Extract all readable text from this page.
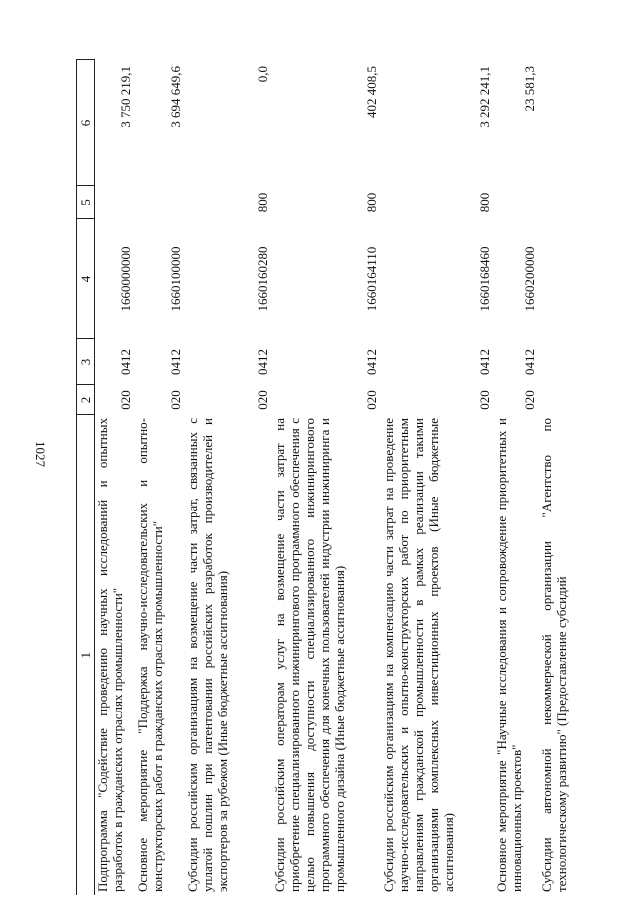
1027
1	2	3	4	5	6
Подпрограмма "Содействие проведению научных исследований и опытных разработок в гражданских отраслях промышленности"	020	0412	1660000000		3 750 219,1
Основное мероприятие "Поддержка научно-исследовательских и опытно-конструкторских работ в гражданских отраслях промышленности"	020	0412	1660100000		3 694 649,6
Субсидии российским организациям на возмещение части затрат, связанных с уплатой пошлин при патентовании российских разработок производителей и экспортеров за рубежом (Иные бюджетные ассигнования)	020	0412	1660160280	800	0,0
Субсидии российским операторам услуг на возмещение части затрат на приобретение специализированного инжинирингового программного обеспечения с целью повышения доступности специализированного инжинирингового программного обеспечения для конечных пользователей индустрии инжиниринга и промышленного дизайна (Иные бюджетные ассигнования)	020	0412	1660164110	800	402 408,5
Субсидии российским организациям на компенсацию части затрат на проведение научно-исследовательских и опытно-конструкторских работ по приоритетным направлениям гражданской промышленности в рамках реализации такими организациями комплексных инвестиционных проектов (Иные бюджетные ассигнования)	020	0412	1660168460	800	3 292 241,1
Основное мероприятие "Научные исследования и сопровождение приоритетных и инновационных проектов"	020	0412	1660200000		23 581,3
Субсидии автономной некоммерческой организации "Агентство по технологическому развитию" (Предоставление субсидий					
